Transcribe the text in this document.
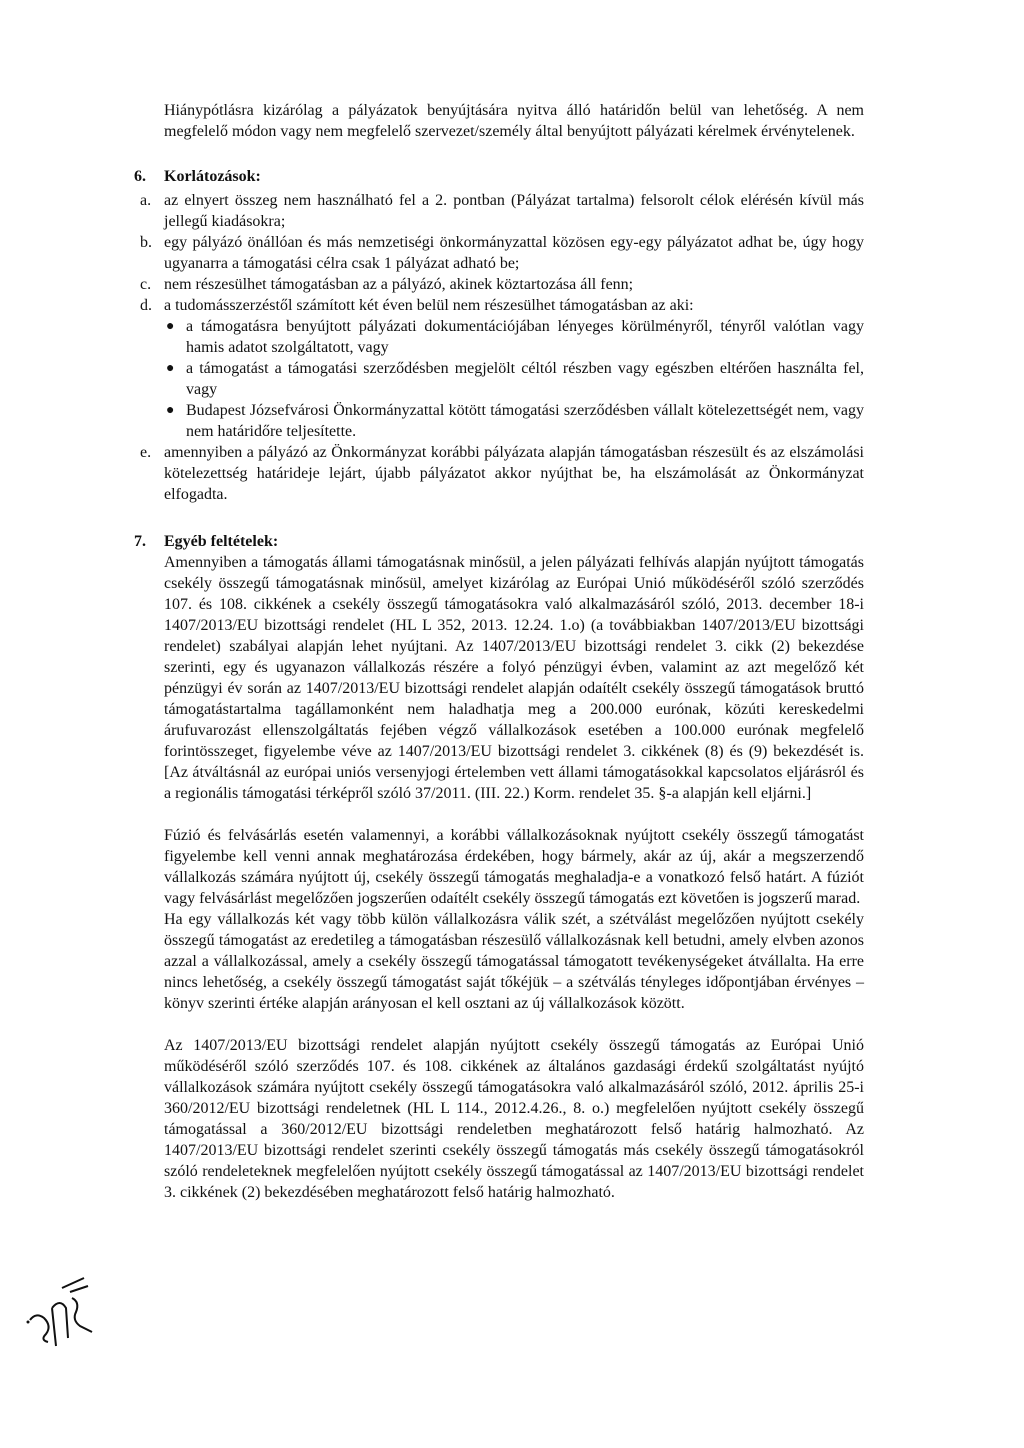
Hiánypótlásra kizárólag a pályázatok benyújtására nyitva álló határidőn belül van lehetőség. A nem megfelelő módon vagy nem megfelelő szervezet/személy által benyújtott pályázati kérelmek érvénytelenek.

6. Korlátozások:
a. az elnyert összeg nem használható fel a 2. pontban (Pályázat tartalma) felsorolt célok elérésén kívül más jellegű kiadásokra;
b. egy pályázó önállóan és más nemzetiségi önkormányzattal közösen egy-egy pályázatot adhat be, úgy hogy ugyanarra a támogatási célra csak 1 pályázat adható be;
c. nem részesülhet támogatásban az a pályázó, akinek köztartozása áll fenn;
d. a tudomásszerzéstől számított két éven belül nem részesülhet támogatásban az aki:
● a támogatásra benyújtott pályázati dokumentációjában lényeges körülményről, tényről valótlan vagy hamis adatot szolgáltatott, vagy
● a támogatást a támogatási szerződésben megjelölt céltól részben vagy egészben eltérően használta fel, vagy
● Budapest Józsefvárosi Önkormányzattal kötött támogatási szerződésben vállalt kötelezettségét nem, vagy nem határidőre teljesítette.
e. amennyiben a pályázó az Önkormányzat korábbi pályázata alapján támogatásban részesült és az elszámolási kötelezettség határideje lejárt, újabb pályázatot akkor nyújthat be, ha elszámolását az Önkormányzat elfogadta.
7. Egyéb feltételek:

Amennyiben a támogatás állami támogatásnak minősül, a jelen pályázati felhívás alapján nyújtott támogatás csekély összegű támogatásnak minősül, amelyet kizárólag az Európai Unió működéséről szóló szerződés 107. és 108. cikkének a csekély összegű támogatásokra való alkalmazásáról szóló, 2013. december 18-i 1407/2013/EU bizottsági rendelet (HL L 352, 2013. 12.24. 1.o) (a továbbiakban 1407/2013/EU bizottsági rendelet) szabályai alapján lehet nyújtani. Az 1407/2013/EU bizottsági rendelet 3. cikk (2) bekezdése szerinti, egy és ugyanazon vállalkozás részére a folyó pénzügyi évben, valamint az azt megelőző két pénzügyi év során az 1407/2013/EU bizottsági rendelet alapján odaítélt csekély összegű támogatások bruttó támogatástartalma tagállamonként nem haladhatja meg a 200.000 eurónak, közúti kereskedelmi árufuvarozást ellenszolgáltatás fejében végző vállalkozások esetében a 100.000 eurónak megfelelő forintösszeget, figyelembe véve az 1407/2013/EU bizottsági rendelet 3. cikkének (8) és (9) bekezdését is. [Az átváltásnál az európai uniós versenyjogi értelemben vett állami támogatásokkal kapcsolatos eljárásról és a regionális támogatási térképről szóló 37/2011. (III. 22.) Korm. rendelet 35. §-a alapján kell eljárni.]

Fúzió és felvásárlás esetén valamennyi, a korábbi vállalkozásoknak nyújtott csekély összegű támogatást figyelembe kell venni annak meghatározása érdekében, hogy bármely, akár az új, akár a megszerzendő vállalkozás számára nyújtott új, csekély összegű támogatás meghaladja-e a vonatkozó felső határt. A fúziót vagy felvásárlást megelőzően jogszerűen odaítélt csekély összegű támogatás ezt követően is jogszerű marad.

Ha egy vállalkozás két vagy több külön vállalkozásra válik szét, a szétválást megelőzően nyújtott csekély összegű támogatást az eredetileg a támogatásban részesülő vállalkozásnak kell betudni, amely elvben azonos azzal a vállalkozással, amely a csekély összegű támogatással támogatott tevékenységeket átvállalta. Ha erre nincs lehetőség, a csekély összegű támogatást saját tőkéjük – a szétválás tényleges időpontjában érvényes – könyv szerinti értéke alapján arányosan el kell osztani az új vállalkozások között.

Az 1407/2013/EU bizottsági rendelet alapján nyújtott csekély összegű támogatás az Európai Unió működéséről szóló szerződés 107. és 108. cikkének az általános gazdasági érdekű szolgáltatást nyújtó vállalkozások számára nyújtott csekély összegű támogatásokra való alkalmazásáról szóló, 2012. április 25-i 360/2012/EU bizottsági rendeletnek (HL L 114., 2012.4.26., 8. o.) megfelelően nyújtott csekély összegű támogatással a 360/2012/EU bizottsági rendeletben meghatározott felső határig halmozható. Az 1407/2013/EU bizottsági rendelet szerinti csekély összegű támogatás más csekély összegű támogatásokról szóló rendeleteknek megfelelően nyújtott csekély összegű támogatással az 1407/2013/EU bizottsági rendelet 3. cikkének (2) bekezdésében meghatározott felső határig halmozható.
